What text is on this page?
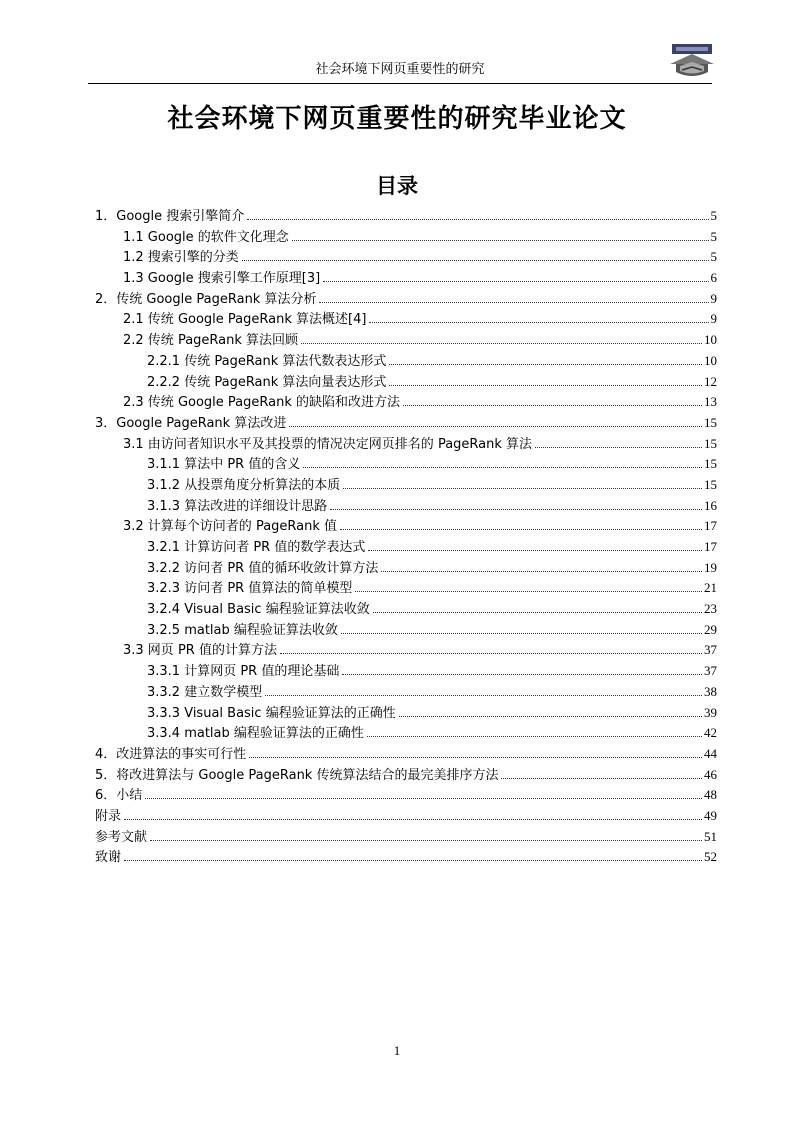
社会环境下网页重要性的研究
社会环境下网页重要性的研究毕业论文
目录
1．Google 搜索引擎简介	5
1.1 Google 的软件文化理念	5
1.2 搜索引擎的分类	5
1.3 Google 搜索引擎工作原理[3]	6
2．传统 Google PageRank 算法分析	9
2.1 传统 Google PageRank 算法概述[4]	9
2.2 传统 PageRank 算法回顾	10
2.2.1 传统 PageRank 算法代数表达形式	10
2.2.2 传统 PageRank 算法向量表达形式	12
2.3 传统 Google PageRank 的缺陷和改进方法	13
3．Google PageRank 算法改进	15
3.1 由访问者知识水平及其投票的情况决定网页排名的 PageRank 算法	15
3.1.1 算法中 PR 值的含义	15
3.1.2 从投票角度分析算法的本质	15
3.1.3 算法改进的详细设计思路	16
3.2 计算每个访问者的 PageRank 值	17
3.2.1 计算访问者 PR 值的数学表达式	17
3.2.2 访问者 PR 值的循环收敛计算方法	19
3.2.3 访问者 PR 值算法的简单模型	21
3.2.4 Visual Basic 编程验证算法收敛	23
3.2.5 matlab 编程验证算法收敛	29
3.3 网页 PR 值的计算方法	37
3.3.1 计算网页 PR 值的理论基础	37
3.3.2 建立数学模型	38
3.3.3 Visual Basic 编程验证算法的正确性	39
3.3.4 matlab 编程验证算法的正确性	42
4．改进算法的事实可行性	44
5．将改进算法与 Google PageRank 传统算法结合的最完美排序方法	46
6．小结	48
附录	49
参考文献	51
致谢	52
1
